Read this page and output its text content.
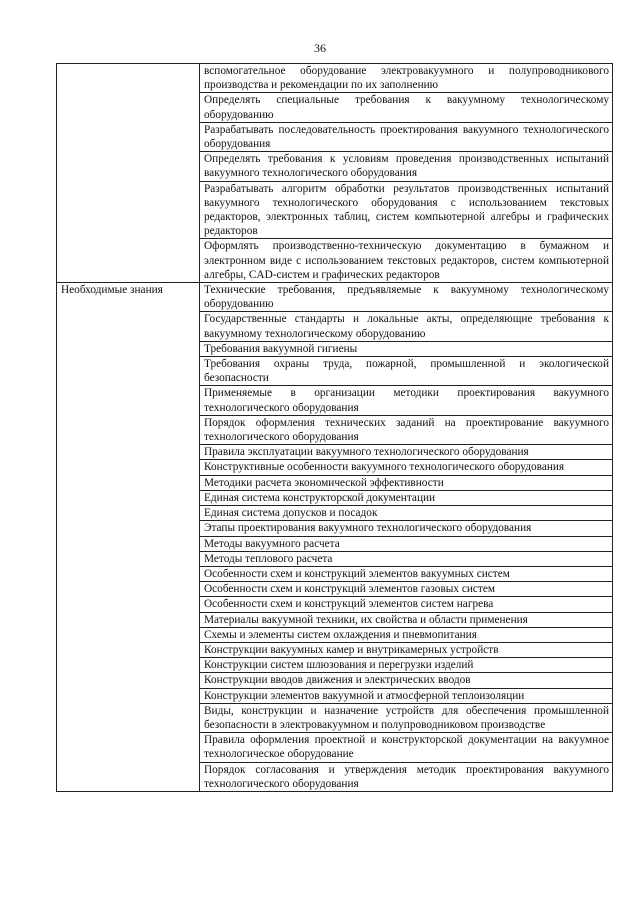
36
	вспомогательное оборудование электровакуумного и полупроводникового производства и рекомендации по их заполнению
	Определять специальные требования к вакуумному технологическому оборудованию
	Разрабатывать последовательность проектирования вакуумного технологического оборудования
	Определять требования к условиям проведения производственных испытаний вакуумного технологического оборудования
	Разрабатывать алгоритм обработки результатов производственных испытаний вакуумного технологического оборудования с использованием текстовых редакторов, электронных таблиц, систем компьютерной алгебры и графических редакторов
	Оформлять производственно-техническую документацию в бумажном и электронном виде с использованием текстовых редакторов, систем компьютерной алгебры, CAD-систем и графических редакторов
Необходимые знания	Технические требования, предъявляемые к вакуумному технологическому оборудованию
	Государственные стандарты и локальные акты, определяющие требования к вакуумному технологическому оборудованию
	Требования вакуумной гигиены
	Требования охраны труда, пожарной, промышленной и экологической безопасности
	Применяемые в организации методики проектирования вакуумного технологического оборудования
	Порядок оформления технических заданий на проектирование вакуумного технологического оборудования
	Правила эксплуатации вакуумного технологического оборудования
	Конструктивные особенности вакуумного технологического оборудования
	Методики расчета экономической эффективности
	Единая система конструкторской документации
	Единая система допусков и посадок
	Этапы проектирования вакуумного технологического оборудования
	Методы вакуумного расчета
	Методы теплового расчета
	Особенности схем и конструкций элементов вакуумных систем
	Особенности схем и конструкций элементов газовых систем
	Особенности схем и конструкций элементов систем нагрева
	Материалы вакуумной техники, их свойства и области применения
	Схемы и элементы систем охлаждения и пневмопитания
	Конструкции вакуумных камер и внутрикамерных устройств
	Конструкции систем шлюзования и перегрузки изделий
	Конструкции вводов движения и электрических вводов
	Конструкции элементов вакуумной и атмосферной теплоизоляции
	Виды, конструкции и назначение устройств для обеспечения промышленной безопасности в электровакуумном и полупроводниковом производстве
	Правила оформления проектной и конструкторской документации на вакуумное технологическое оборудование
	Порядок согласования и утверждения методик проектирования вакуумного технологического оборудования
